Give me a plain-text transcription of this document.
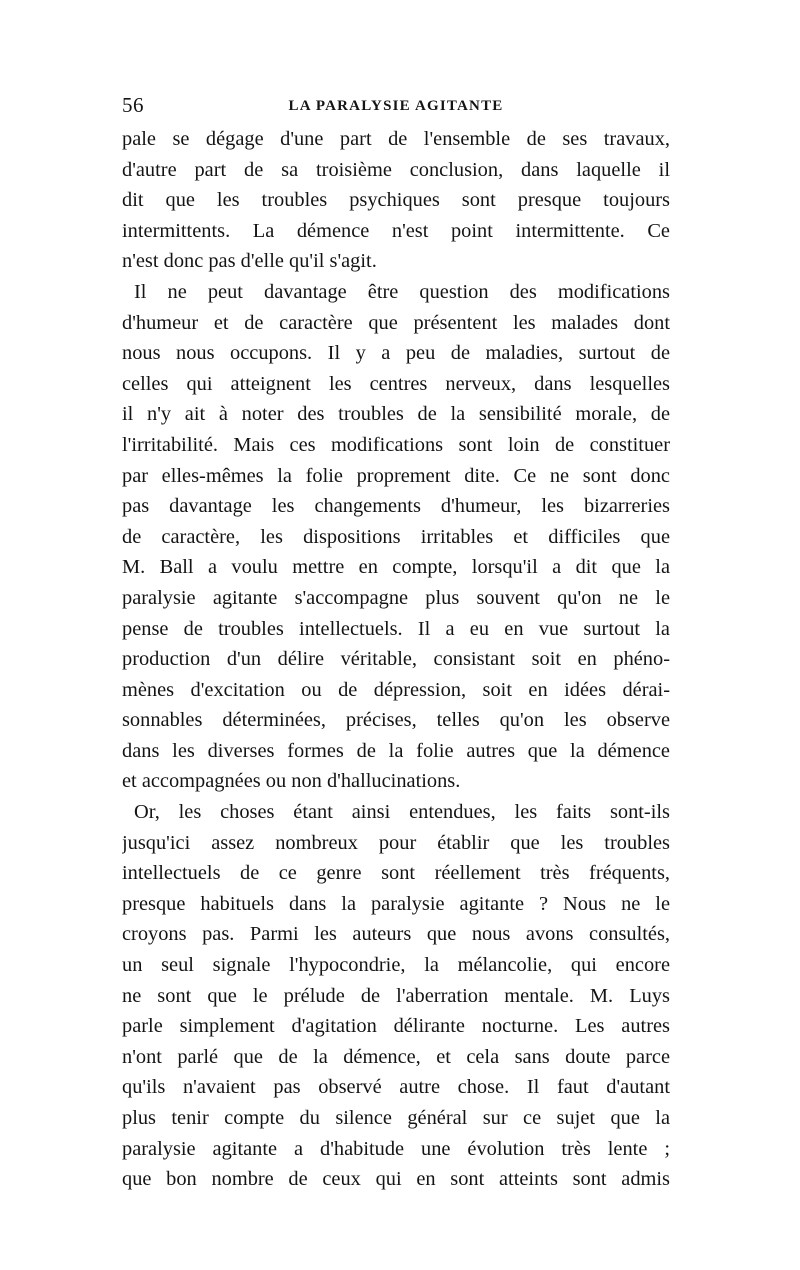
56	LA PARALYSIE AGITANTE
pale se dégage d'une part de l'ensemble de ses travaux,
d'autre part de sa troisième conclusion, dans laquelle il
dit que les troubles psychiques sont presque toujours
intermittents. La démence n'est point intermittente. Ce
n'est donc pas d'elle qu'il s'agit.
Il ne peut davantage être question des modifications
d'humeur et de caractère que présentent les malades dont
nous nous occupons. Il y a peu de maladies, surtout de
celles qui atteignent les centres nerveux, dans lesquelles
il n'y ait à noter des troubles de la sensibilité morale, de
l'irritabilité. Mais ces modifications sont loin de constituer
par elles-mêmes la folie proprement dite. Ce ne sont donc
pas davantage les changements d'humeur, les bizarreries
de caractère, les dispositions irritables et difficiles que
M. Ball a voulu mettre en compte, lorsqu'il a dit que la
paralysie agitante s'accompagne plus souvent qu'on ne le
pense de troubles intellectuels. Il a eu en vue surtout la
production d'un délire véritable, consistant soit en phéno-
mènes d'excitation ou de dépression, soit en idées dérai-
sonnables déterminées, précises, telles qu'on les observe
dans les diverses formes de la folie autres que la démence
et accompagnées ou non d'hallucinations.
Or, les choses étant ainsi entendues, les faits sont-ils
jusqu'ici assez nombreux pour établir que les troubles
intellectuels de ce genre sont réellement très fréquents,
presque habituels dans la paralysie agitante ? Nous ne le
croyons pas. Parmi les auteurs que nous avons consultés,
un seul signale l'hypocondrie, la mélancolie, qui encore
ne sont que le prélude de l'aberration mentale. M. Luys
parle simplement d'agitation délirante nocturne. Les autres
n'ont parlé que de la démence, et cela sans doute parce
qu'ils n'avaient pas observé autre chose. Il faut d'autant
plus tenir compte du silence général sur ce sujet que la
paralysie agitante a d'habitude une évolution très lente ;
que bon nombre de ceux qui en sont atteints sont admis
